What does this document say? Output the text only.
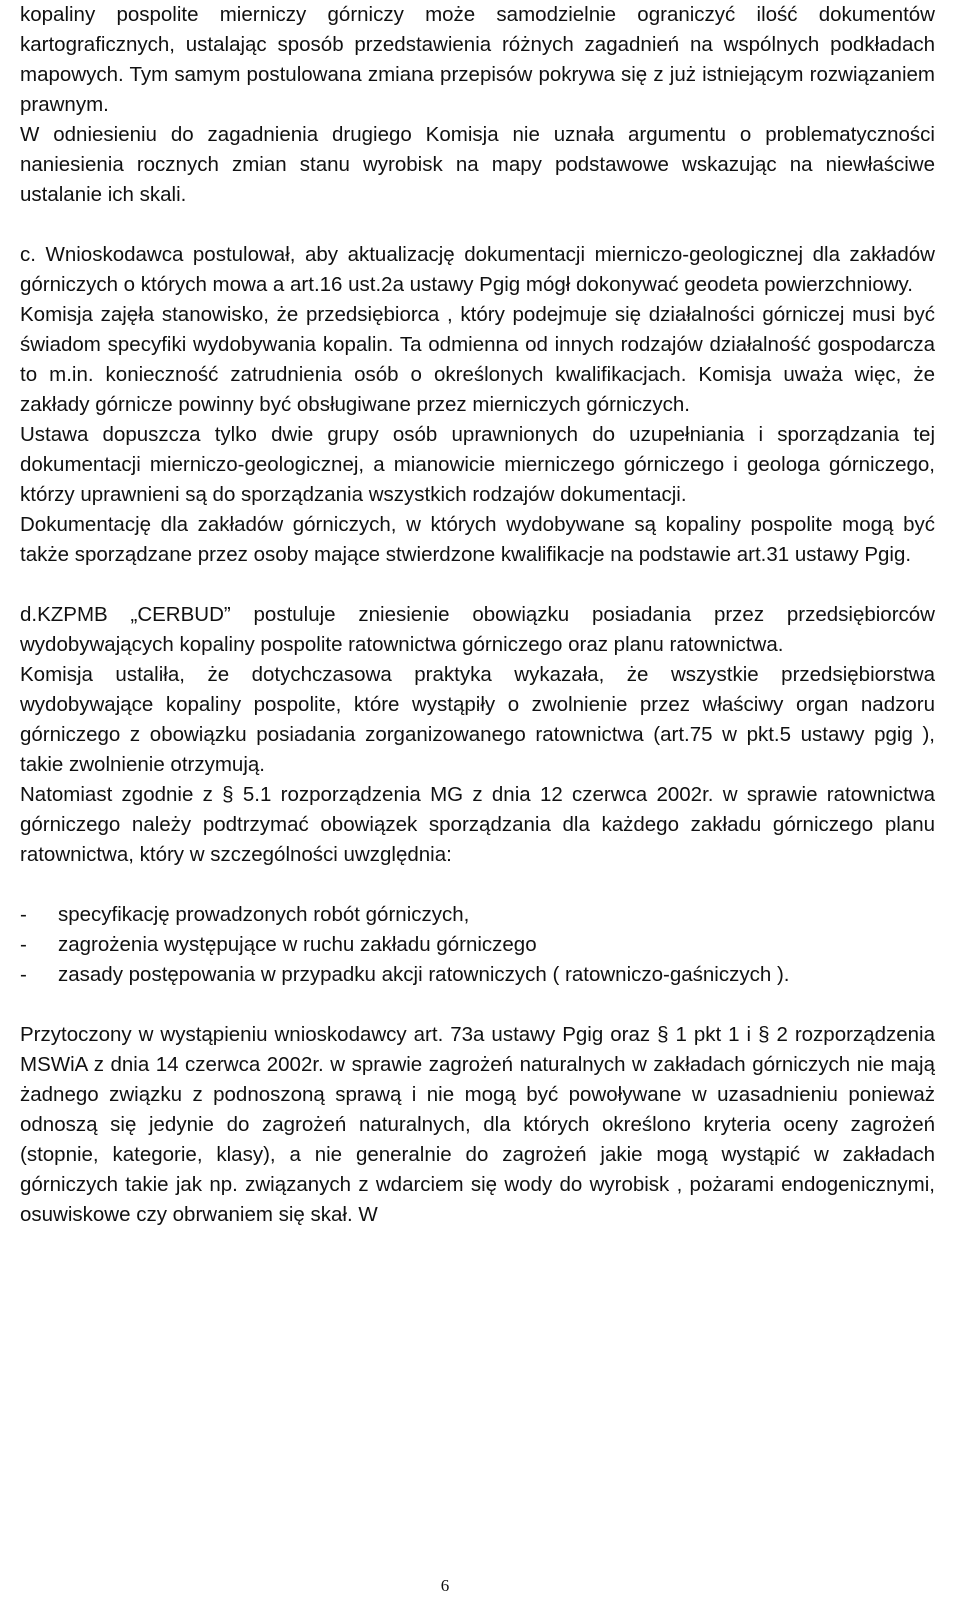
kopaliny pospolite mierniczy górniczy może samodzielnie ograniczyć ilość dokumentów kartograficznych, ustalając sposób przedstawienia różnych zagadnień na wspólnych podkładach mapowych. Tym samym postulowana zmiana przepisów pokrywa się z już istniejącym rozwiązaniem prawnym.

W odniesieniu do zagadnienia drugiego Komisja nie uznała argumentu o problematyczności naniesienia rocznych zmian stanu wyrobisk na mapy podstawowe wskazując na niewłaściwe ustalanie ich skali.

c. Wnioskodawca postulował, aby aktualizację dokumentacji mierniczo-geologicznej dla zakładów górniczych o których mowa a art.16 ust.2a ustawy Pgig mógł dokonywać geodeta powierzchniowy.

Komisja zajęła stanowisko, że przedsiębiorca , który podejmuje się działalności górniczej musi być świadom specyfiki wydobywania kopalin. Ta odmienna od innych rodzajów działalność gospodarcza to m.in. konieczność zatrudnienia osób o określonych kwalifikacjach. Komisja uważa więc, że zakłady górnicze powinny być obsługiwane przez mierniczych górniczych.

Ustawa dopuszcza tylko dwie grupy osób uprawnionych do uzupełniania i sporządzania tej dokumentacji mierniczo-geologicznej, a mianowicie mierniczego górniczego i geologa górniczego, którzy uprawnieni są do sporządzania wszystkich rodzajów dokumentacji.

Dokumentację dla zakładów górniczych, w których wydobywane są kopaliny pospolite mogą być także sporządzane przez osoby mające stwierdzone kwalifikacje na podstawie art.31 ustawy Pgig.

d.KZPMB „CERBUD” postuluje zniesienie obowiązku posiadania przez przedsiębiorców wydobywających kopaliny pospolite ratownictwa górniczego oraz planu ratownictwa.

Komisja ustaliła, że dotychczasowa praktyka wykazała, że wszystkie przedsiębiorstwa wydobywające kopaliny pospolite, które wystąpiły o zwolnienie przez właściwy organ nadzoru górniczego z obowiązku posiadania zorganizowanego ratownictwa (art.75 w pkt.5 ustawy pgig ), takie zwolnienie otrzymują.

Natomiast zgodnie z § 5.1 rozporządzenia MG z dnia 12 czerwca 2002r. w sprawie ratownictwa górniczego należy podtrzymać obowiązek sporządzania dla każdego zakładu górniczego planu ratownictwa, który w szczególności uwzględnia:

-	specyfikację prowadzonych robót górniczych,
-	zagrożenia występujące w ruchu zakładu górniczego
-	zasady postępowania w przypadku akcji ratowniczych ( ratowniczo-gaśniczych ).

Przytoczony w wystąpieniu wnioskodawcy art. 73a ustawy Pgig oraz § 1 pkt 1 i § 2 rozporządzenia MSWiA z dnia 14 czerwca 2002r. w sprawie zagrożeń naturalnych w zakładach górniczych nie mają żadnego związku z podnoszoną sprawą i nie mogą być powoływane w uzasadnieniu ponieważ odnoszą się jedynie do zagrożeń naturalnych, dla których określono kryteria oceny zagrożeń (stopnie, kategorie, klasy), a nie generalnie do zagrożeń jakie mogą wystąpić w zakładach górniczych takie jak np. związanych z wdarciem się wody do wyrobisk , pożarami endogenicznymi, osuwiskowe czy obrwaniem się skał. W

6
